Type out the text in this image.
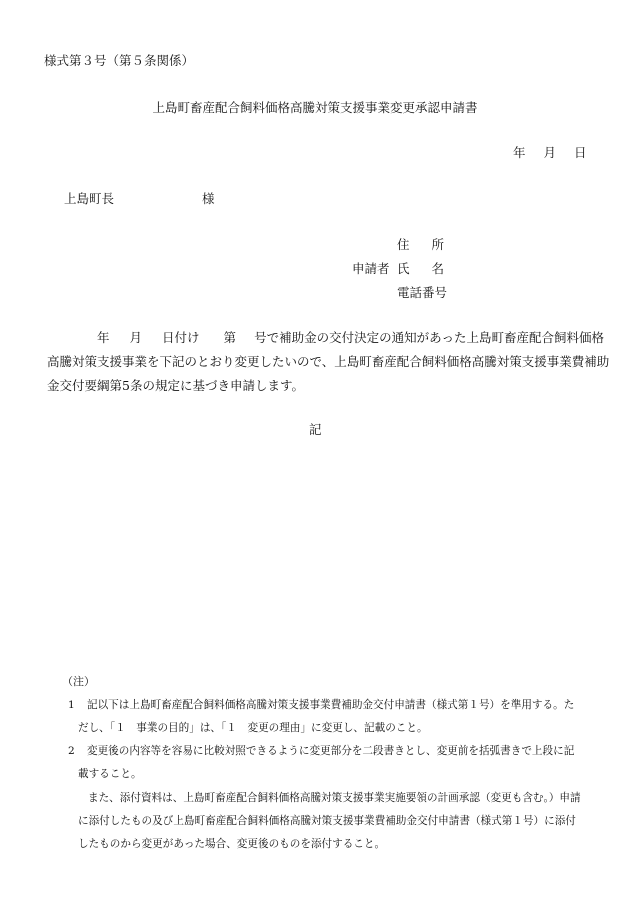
様式第３号（第５条関係）
上島町畜産配合飼料価格高騰対策支援事業変更承認申請書
年 月 日
上島町長	様
住 所
申請者 氏 名
電話番号
年 月 日付け 第 号で補助金の交付決定の通知があった上島町畜産配合飼料価格
高騰対策支援事業を下記のとおり変更したいので、上島町畜産配合飼料価格高騰対策支援事業費補助
金交付要綱第5条の規定に基づき申請します。
記
（注）
1 記以下は上島町畜産配合飼料価格高騰対策支援事業費補助金交付申請書（様式第１号）を準用する。た
だし、「１　事業の目的」は、「１　変更の理由」に変更し、記載のこと。
2 変更後の内容等を容易に比較対照できるように変更部分を二段書きとし、変更前を括弧書きで上段に記
載すること。
また、添付資料は、上島町畜産配合飼料価格高騰対策支援事業実施要領の計画承認（変更も含む。）申請
に添付したもの及び上島町畜産配合飼料価格高騰対策支援事業費補助金交付申請書（様式第１号）に添付
したものから変更があった場合、変更後のものを添付すること。
